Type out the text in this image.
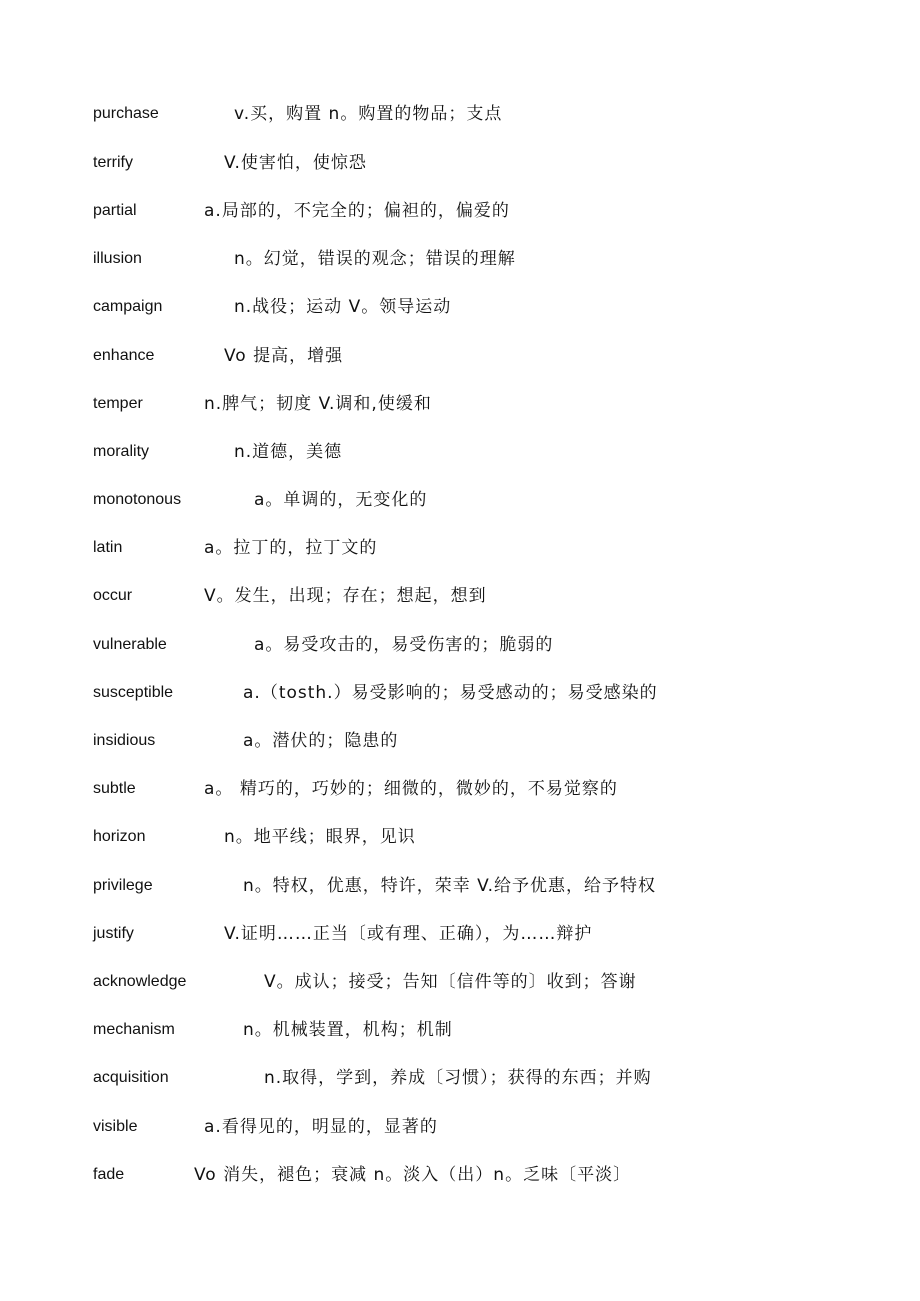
purchase	v.买，购置 n。购置的物品；支点
terrify	V.使害怕，使惊恐
partial	a.局部的，不完全的；偏袒的，偏爱的
illusion	n。幻觉，错误的观念；错误的理解
campaign	n.战役；运动 V。领导运动
enhance	Vo 提高，增强
temper	n.脾气；韧度 V.调和,使缓和
morality	n.道德，美德
monotonous	a。单调的，无变化的
latin	a。拉丁的，拉丁文的
occur	V。发生，出现；存在；想起，想到
vulnerable	a。易受攻击的，易受伤害的；脆弱的
susceptible	a.（tosth.）易受影响的；易受感动的；易受感染的
insidious	a。潜伏的；隐患的
subtle	a。 精巧的，巧妙的；细微的，微妙的，不易觉察的
horizon	n。地平线；眼界，见识
privilege	n。特权，优惠，特许，荣幸 V.给予优惠，给予特权
justify	V.证明……正当〔或有理、正确），为……辩护
acknowledge	V。成认；接受；告知〔信件等的〕收到；答谢
mechanism	n。机械装置，机构；机制
acquisition	n.取得，学到，养成〔习惯）；获得的东西；并购
visible	a.看得见的，明显的，显著的
fade	Vo 消失，褪色；衰减 n。淡入（出）n。乏味〔平淡〕
